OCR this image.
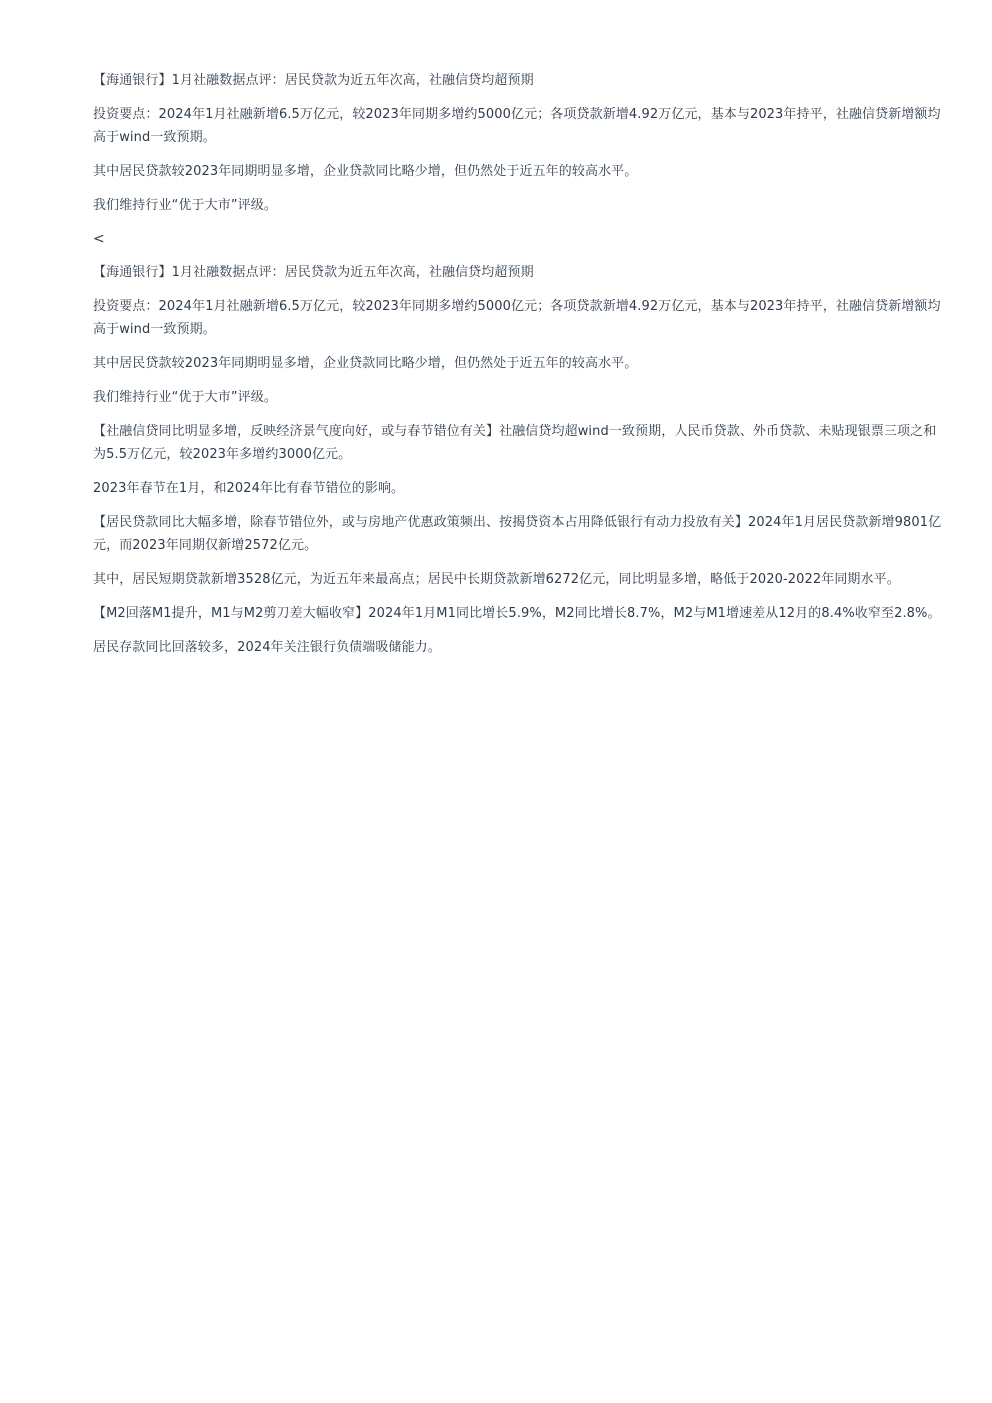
【海通银行】1月社融数据点评：居民贷款为近五年次高，社融信贷均超预期

投资要点：2024年1月社融新增6.5万亿元，较2023年同期多增约5000亿元；各项贷款新增4.92万亿元，基本与2023年持平，社融信贷新增额均高于wind一致预期。

其中居民贷款较2023年同期明显多增，企业贷款同比略少增，但仍然处于近五年的较高水平。

我们维持行业“优于大市”评级。

<

【海通银行】1月社融数据点评：居民贷款为近五年次高，社融信贷均超预期

投资要点：2024年1月社融新增6.5万亿元，较2023年同期多增约5000亿元；各项贷款新增4.92万亿元，基本与2023年持平，社融信贷新增额均高于wind一致预期。

其中居民贷款较2023年同期明显多增，企业贷款同比略少增，但仍然处于近五年的较高水平。

我们维持行业“优于大市”评级。

【社融信贷同比明显多增，反映经济景气度向好，或与春节错位有关】社融信贷均超wind一致预期，人民币贷款、外币贷款、未贴现银票三项之和为5.5万亿元，较2023年多增约3000亿元。

2023年春节在1月，和2024年比有春节错位的影响。

【居民贷款同比大幅多增，除春节错位外，或与房地产优惠政策频出、按揭贷资本占用降低银行有动力投放有关】2024年1月居民贷款新增9801亿元，而2023年同期仅新增2572亿元。

其中，居民短期贷款新增3528亿元，为近五年来最高点；居民中长期贷款新增6272亿元，同比明显多增，略低于2020-2022年同期水平。

【M2回落M1提升，M1与M2剪刀差大幅收窄】2024年1月M1同比增长5.9%，M2同比增长8.7%，M2与M1增速差从12月的8.4%收窄至2.8%。

居民存款同比回落较多，2024年关注银行负债端吸储能力。
